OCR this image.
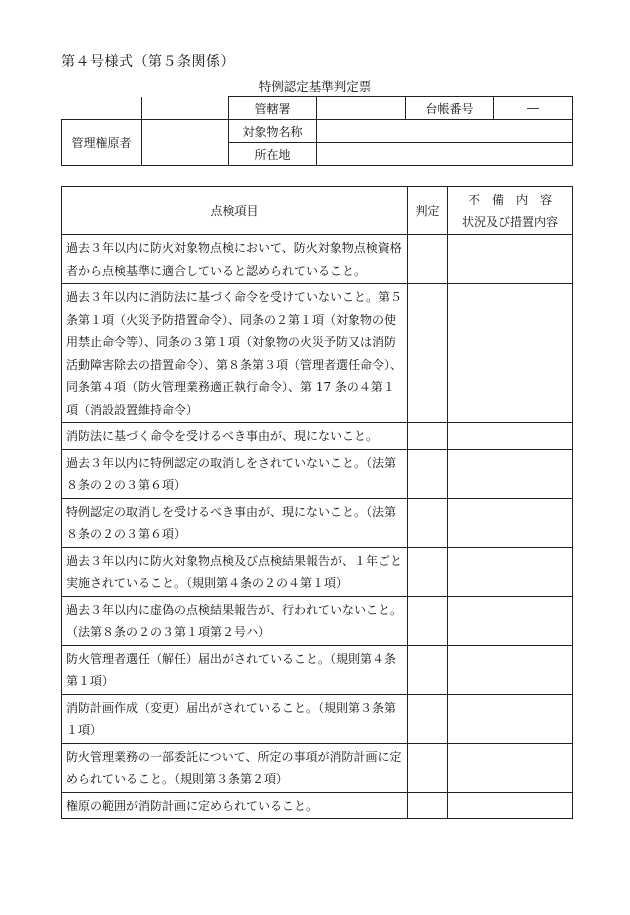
第４号様式（第５条関係）
特例認定基準判定票
		管轄署		台帳番号	―
管理権原者		対象物名称			
		所在地			
点検項目	判定	不　備　内　容
状況及び措置内容

過去３年以内に防火対象物点検において、防火対象物点検資格者から点検基準に適合していると認められていること。		
過去３年以内に消防法に基づく命令を受けていないこと。第５条第１項（火災予防措置命令）、同条の２第１項（対象物の使用禁止命令等）、同条の３第１項（対象物の火災予防又は消防活動障害除去の措置命令）、第８条第３項（管理者選任命令）、同条第４項（防火管理業務適正執行命令）、第 17 条の４第１項（消設設置維持命令）		
消防法に基づく命令を受けるべき事由が、現にないこと。		
過去３年以内に特例認定の取消しをされていないこと。（法第８条の２の３第６項）		
特例認定の取消しを受けるべき事由が、現にないこと。（法第８条の２の３第６項）		
過去３年以内に防火対象物点検及び点検結果報告が、１年ごと実施されていること。（規則第４条の２の４第１項）		
過去３年以内に虚偽の点検結果報告が、行われていないこと。（法第８条の２の３第１項第２号ハ）		
防火管理者選任（解任）届出がされていること。（規則第４条第１項）		
消防計画作成（変更）届出がされていること。（規則第３条第１項）		
防火管理業務の一部委託について、所定の事項が消防計画に定められていること。（規則第３条第２項）		
権原の範囲が消防計画に定められていること。		
